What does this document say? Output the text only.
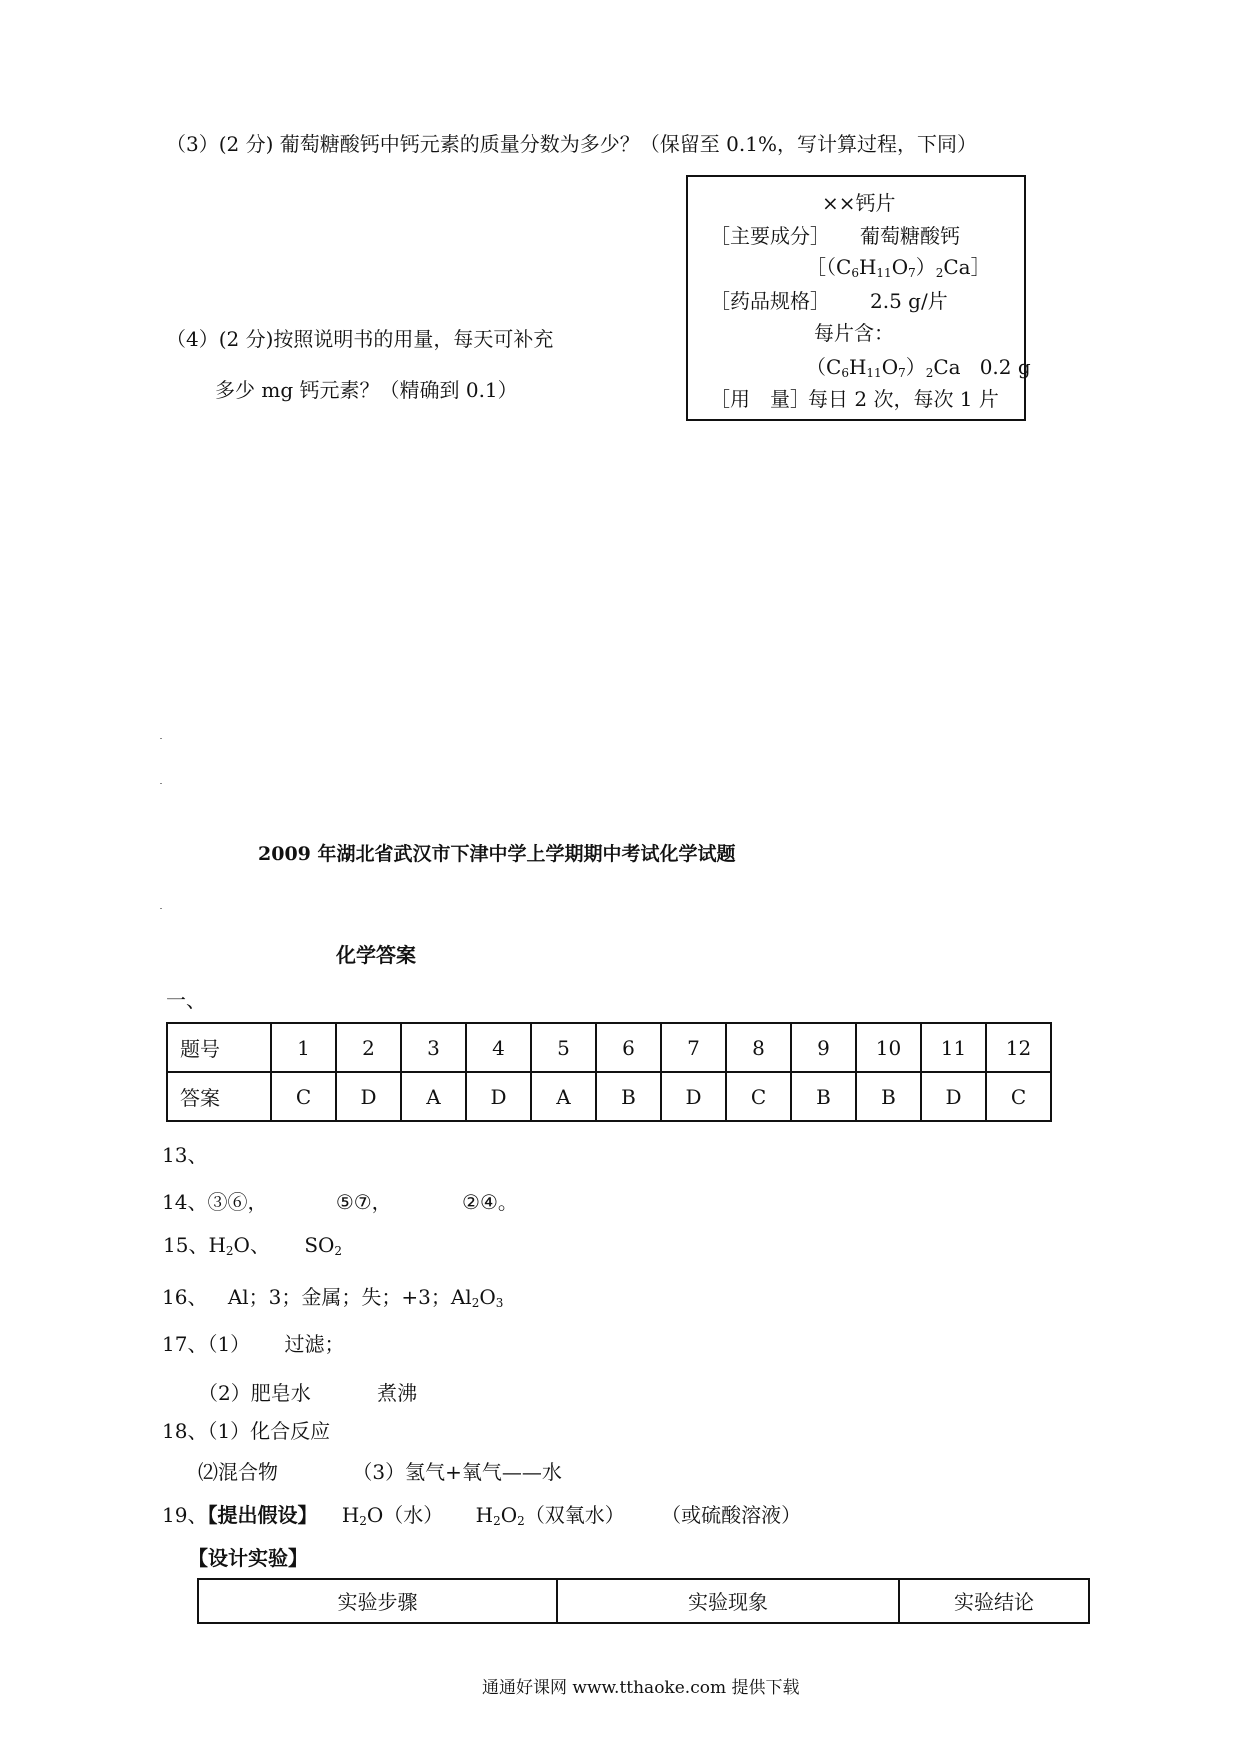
（3）(2 分) 葡萄糖酸钙中钙元素的质量分数为多少？（保留至 0.1%，写计算过程，下同）
××钙片
［主要成分］ 葡萄糖酸钙
$[(C_6H_{11}O_7)_2Ca]$
［药品规格］ 2.5 g/片
每片含：
$(C_6H_{11}O_7)_2Ca$ 0.2 g
［用　量］
每日 2 次，每次 1 片
（4）(2 分)按照说明书的用量，每天可补充
多少 mg 钙元素？（精确到 0.1）
2009 年湖北省武汉市下津中学上学期期中考试化学试题
化学答案
一、
题号	1	2	3	4	5	6	7	8	9	10	11	12
答案	C	D	A	D	A	B	D	C	B	B	D	C
13、
14、③⑥，	⑤⑦，	②④。
15、$H_2O$、 $SO_2$
16、 Al；3；金属；失；+3；$Al_2O_3$
17、（1） 过滤；
（2）肥皂水	煮沸
18、（1）化合反应
⑵混合物	（3）氢气+氧气——水
19、【提出假设】 $H_2O$（水） $H_2O_2$（双氧水） （或硫酸溶液）
【设计实验】
实验步骤	实验现象	实验结论
通通好课网 www.tthaoke.com 提供下载
